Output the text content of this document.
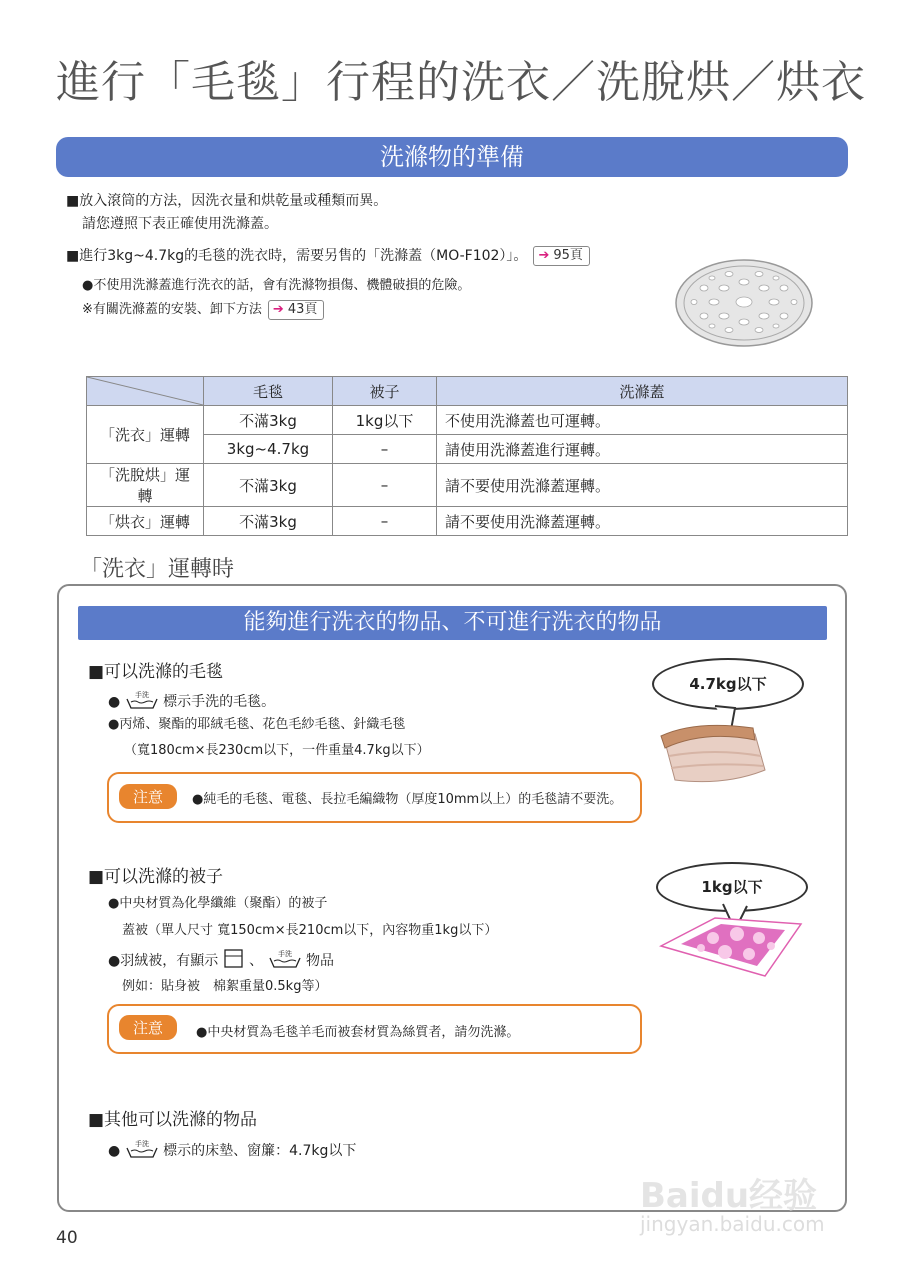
進行「毛毯」行程的洗衣／洗脫烘／烘衣
洗滌物的準備
■放入滾筒的方法，因洗衣量和烘乾量或種類而異。
請您遵照下表正確使用洗滌蓋。
■進行3kg~4.7kg的毛毯的洗衣時，需要另售的「洗滌蓋（MO-F102）」。 ➔ 95頁
●不使用洗滌蓋進行洗衣的話，會有洗滌物損傷、機體破損的危險。
※有關洗滌蓋的安裝、卸下方法 ➔ 43頁
	毛毯	被子	洗滌蓋
「洗衣」運轉	不滿3kg	1kg以下	不使用洗滌蓋也可運轉。
	3kg~4.7kg	–	請使用洗滌蓋進行運轉。
「洗脫烘」運轉	不滿3kg	–	請不要使用洗滌蓋運轉。
「烘衣」運轉	不滿3kg	–	請不要使用洗滌蓋運轉。
「洗衣」運轉時
能夠進行洗衣的物品、不可進行洗衣的物品
■可以洗滌的毛毯
● 手洗 標示手洗的毛毯。
●丙烯、聚酯的耶絨毛毯、花色毛紗毛毯、針織毛毯
（寬180cm×長230cm以下，一件重量4.7kg以下）
注意	●純毛的毛毯、電毯、長拉毛編織物（厚度10mm以上）的毛毯請不要洗。
4.7kg以下
■可以洗滌的被子
●中央材質為化學纖維（聚酯）的被子
蓋被（單人尺寸 寬150cm×長210cm以下，內容物重1kg以下）
●羽絨被，有顯示 、 手洗 物品
例如：貼身被　棉絮重量0.5kg等）
注意	●中央材質為毛毯羊毛而被套材質為絲質者，請勿洗滌。
1kg以下
■其他可以洗滌的物品
● 手洗 標示的床墊、窗簾：4.7kg以下
40
Baidu经验
jingyan.baidu.com
